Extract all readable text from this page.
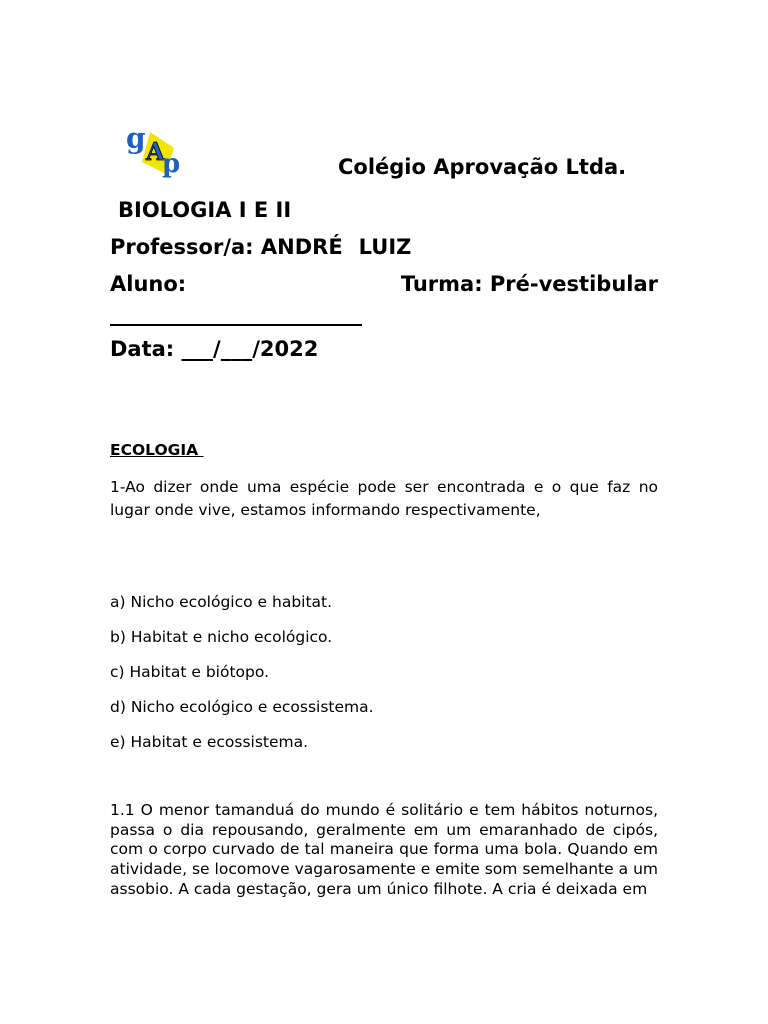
g A
p	Colégio Aprovação Ltda.
BIOLOGIA I E II
Professor/a: ANDRÉ LUIZ
Turma: Pré-vestibular
Aluno: ________________________
Data: ___/___/2022
ECOLOGIA
1-Ao dizer onde uma espécie pode ser encontrada e o que faz no lugar onde vive, estamos informando respectivamente,
a) Nicho ecológico e habitat.
b) Habitat e nicho ecológico.
c) Habitat e biótopo.
d) Nicho ecológico e ecossistema.
e) Habitat e ecossistema.
1.1 O menor tamanduá do mundo é solitário e tem hábitos noturnos, passa o dia repousando, geralmente em um emaranhado de cipós, com o corpo curvado de tal maneira que forma uma bola. Quando em atividade, se locomove vagarosamente e emite som semelhante a um assobio. A cada gestação, gera um único filhote. A cria é deixada em
